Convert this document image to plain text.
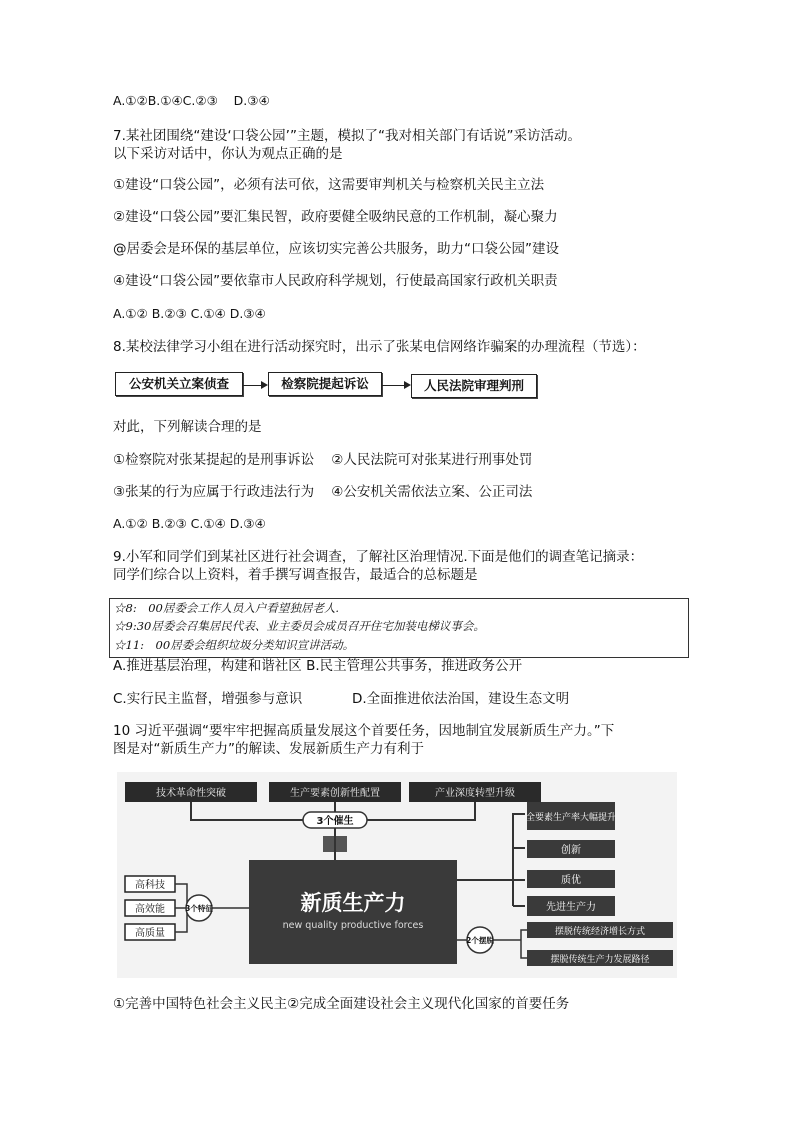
A.①②B.①④C.②③    D.③④
7.某社团围绕“建设‘口袋公园’”主题，模拟了“我对相关部门有话说”采访活动。
以下采访对话中，你认为观点正确的是
①建设“口袋公园”，必须有法可依，这需要审判机关与检察机关民主立法
②建设“口袋公园”要汇集民智，政府要健全吸纳民意的工作机制，凝心聚力
@居委会是环保的基层单位，应该切实完善公共服务，助力“口袋公园”建设
④建设“口袋公园”要依靠市人民政府科学规划，行使最高国家行政机关职责
A.①② B.②③ C.①④ D.③④
8.某校法律学习小组在进行活动探究时，出示了张某电信网络诈骗案的办理流程（节选）：
公安机关立案侦查	检察院提起诉讼	人民法院审理判刑
对此，下列解读合理的是
①检察院对张某提起的是刑事诉讼    ②人民法院可对张某进行刑事处罚
③张某的行为应属于行政违法行为    ④公安机关需依法立案、公正司法
A.①② B.②③ C.①④ D.③④
9.小军和同学们到某社区进行社会调查，了解社区治理情况.下面是他们的调查笔记摘录：
同学们综合以上资料，着手撰写调查报告，最适合的总标题是
☆8:　00居委会工作人员入户看望独居老人.
☆9:30居委会召集居民代表、业主委员会成员召开住宅加装电梯议事会。
☆11:　00居委会组织垃圾分类知识宣讲活动。
A.推进基层治理，构建和谐社区 B.民主管理公共事务，推进政务公开
C.实行民主监督，增强参与意识	D.全面推进依法治国，建设生态文明
10 习近平强调“要牢牢把握高质量发展这个首要任务，因地制宜发展新质生产力。”下
图是对“新质生产力”的解读、发展新质生产力有利于
技术革命性突破	生产要素创新性配置	产业深度转型升级
3个催生
新质生产力
new quality productive forces
高科技
高效能
高质量
3个特征
全要素生产率大幅提升
创新
质优
先进生产力
2个摆脱
摆脱传统经济增长方式
摆脱传统生产力发展路径
①完善中国特色社会主义民主②完成全面建设社会主义现代化国家的首要任务
